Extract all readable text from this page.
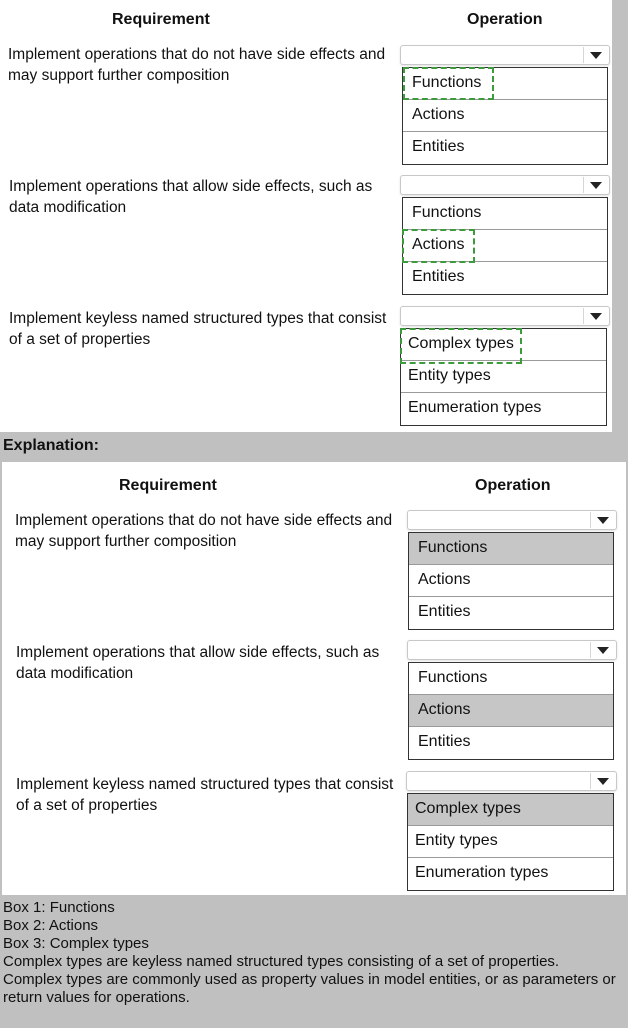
Requirement	Operation
Implement operations that do not have side effects and may support further composition	Functions
Actions
Entities
Implement operations that allow side effects, such as data modification	Functions
Actions
Entities
Implement keyless named structured types that consist of a set of properties	Complex types
Entity types
Enumeration types
Explanation:
Requirement	Operation
Implement operations that do not have side effects and may support further composition	Functions
Actions
Entities
Implement operations that allow side effects, such as data modification	Functions
Actions
Entities
Implement keyless named structured types that consist of a set of properties	Complex types
Entity types
Enumeration types
Box 1: Functions
Box 2: Actions
Box 3: Complex types
Complex types are keyless named structured types consisting of a set of properties.
Complex types are commonly used as property values in model entities, or as parameters or return values for operations.
